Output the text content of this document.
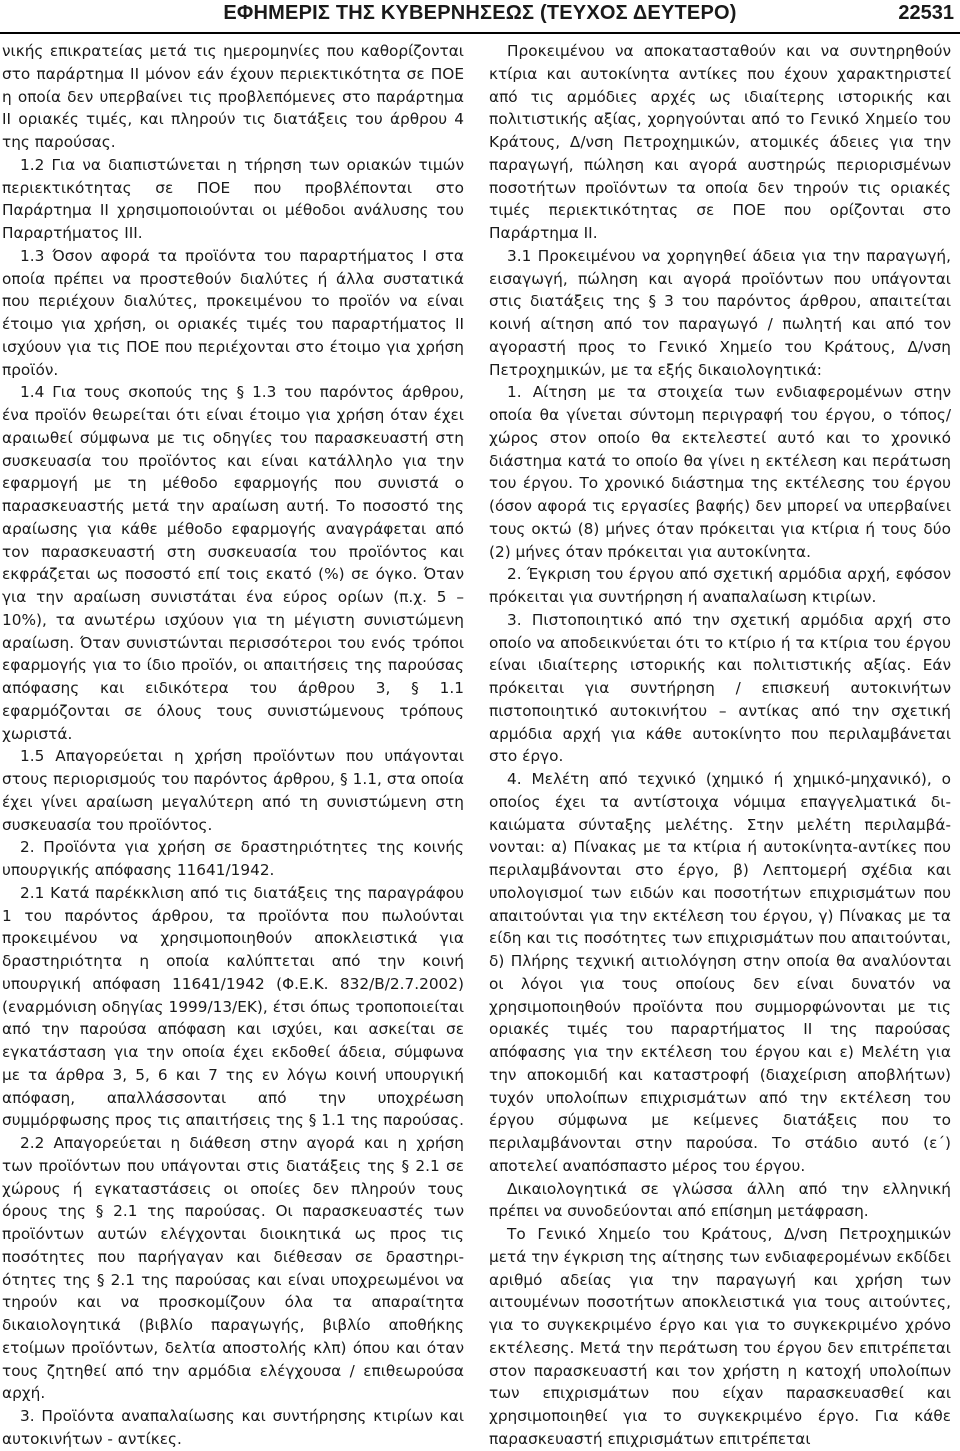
ΕΦΗΜΕΡΙΣ ΤΗΣ ΚΥΒΕΡΝΗΣΕΩΣ (ΤΕΥΧΟΣ ΔΕΥΤΕΡΟ)	22531

νικής επικρατείας μετά τις ημερομηνίες που καθορίζονται στο παράρτημα ΙΙ μόνον εάν έχουν περιεκτικότητα σε ΠΟΕ η οποία δεν υπερβαίνει τις προβλεπόμενες στο παράρτημα ΙΙ οριακές τιμές, και πληρούν τις διατάξεις του άρθρου 4 της παρούσας.

1.2 Για να διαπιστώνεται η τήρηση των οριακών τιμών περιεκτικότητας σε ΠΟΕ που προβλέπονται στο Παράρτημα ΙΙ χρησιμοποιούνται οι μέθοδοι ανάλυσης του Παραρτήματος ΙΙΙ.

1.3 Όσον αφορά τα προϊόντα του παραρτήματος Ι στα οποία πρέπει να προστεθούν διαλύτες ή άλλα συστατικά που περιέχουν διαλύτες, προκειμένου το προϊόν να είναι έτοιμο για χρήση, οι οριακές τιμές του παραρτήματος ΙΙ ισχύουν για τις ΠΟΕ που περιέχονται στο έτοιμο για χρήση προϊόν.

1.4 Για τους σκοπούς της § 1.3 του παρόντος άρθρου, ένα προϊόν θεωρείται ότι είναι έτοιμο για χρήση όταν έχει αραιωθεί σύμφωνα με τις οδηγίες του παρασκευαστή στη συσκευασία του προϊόντος και είναι κατάλληλο για την εφαρμογή με τη μέθοδο εφαρμογής που συνιστά ο παρασκευαστής μετά την αραίωση αυτή. Το ποσοστό της αραίωσης για κάθε μέθοδο εφαρμογής αναγράφεται από τον παρασκευαστή στη συσκευασία του προϊόντος και εκφράζεται ως ποσοστό επί τοις εκατό (%) σε όγκο. Όταν για την αραίωση συνιστάται ένα εύρος ορίων (π.χ. 5 – 10%), τα ανωτέρω ισχύουν για τη μέγιστη συνιστώμενη αραίωση. Όταν συνιστώνται περισσότεροι του ενός τρόποι εφαρμογής για το ίδιο προϊόν, οι απαιτήσεις της παρούσας απόφασης και ειδικότερα του άρθρου 3, § 1.1 εφαρμόζονται σε όλους τους συνιστώμενους τρόπους χωριστά.

1.5 Απαγορεύεται η χρήση προϊόντων που υπάγονται στους περιορισμούς του παρόντος άρθρου, § 1.1, στα οποία έχει γίνει αραίωση μεγαλύτερη από τη συνιστώμενη στη συσκευασία του προϊόντος.

2. Προϊόντα για χρήση σε δραστηριότητες της κοινής υπουργικής απόφασης 11641/1942.

2.1 Κατά παρέκκλιση από τις διατάξεις της παραγράφου 1 του παρόντος άρθρου, τα προϊόντα που πωλούνται προκειμένου να χρησιμοποιηθούν αποκλειστικά για δραστηριότητα η οποία καλύπτεται από την κοινή υπουργική απόφαση 11641/1942 (Φ.Ε.Κ. 832/Β/2.7.2002) (εναρμόνιση οδηγίας 1999/13/ΕΚ), έτσι όπως τροποποιείται από την παρούσα απόφαση και ισχύει, και ασκείται σε εγκατάσταση για την οποία έχει εκδοθεί άδεια, σύμφωνα με τα άρθρα 3, 5, 6 και 7 της εν λόγω κοινή υπουργική απόφαση, απαλλάσσονται από την υποχρέωση συμμόρφωσης προς τις απαιτήσεις της § 1.1 της παρούσας.

2.2 Απαγορεύεται η διάθεση στην αγορά και η χρήση των προϊόντων που υπάγονται στις διατάξεις της § 2.1 σε χώρους ή εγκαταστάσεις οι οποίες δεν πληρούν τους όρους της § 2.1 της παρούσας. Οι παρασκευαστές των προϊόντων αυτών ελέγχονται διοικητικά ως προς τις ποσότητες που παρήγαγαν και διέθεσαν σε δραστηριότητες της § 2.1 της παρούσας και είναι υποχρεωμένοι να τηρούν και να προσκομίζουν όλα τα απαραίτητα δικαιολογητικά (βιβλίο παραγωγής, βιβλίο αποθήκης ετοίμων προϊόντων, δελτία αποστολής κλπ) όπου και όταν τους ζητηθεί από την αρμόδια ελέγχουσα / επιθεωρούσα αρχή.

3. Προϊόντα αναπαλαίωσης και συντήρησης κτιρίων και αυτοκινήτων - αντίκες.

Προκειμένου να αποκατασταθούν και να συντηρηθούν κτίρια και αυτοκίνητα αντίκες που έχουν χαρακτηριστεί από τις αρμόδιες αρχές ως ιδιαίτερης ιστορικής και πολιτιστικής αξίας, χορηγούνται από το Γενικό Χημείο του Κράτους, Δ/νση Πετροχημικών, ατομικές άδειες για την παραγωγή, πώληση και αγορά αυστηρώς περιορισμένων ποσοτήτων προϊόντων τα οποία δεν τηρούν τις οριακές τιμές περιεκτικότητας σε ΠΟΕ που ορίζονται στο Παράρτημα ΙΙ.

3.1 Προκειμένου να χορηγηθεί άδεια για την παραγωγή, εισαγωγή, πώληση και αγορά προϊόντων που υπάγονται στις διατάξεις της § 3 του παρόντος άρθρου, απαιτείται κοινή αίτηση από τον παραγωγό / πωλητή και από τον αγοραστή προς το Γενικό Χημείο του Κράτους, Δ/νση Πετροχημικών, με τα εξής δικαιολογητικά:

1. Αίτηση με τα στοιχεία των ενδιαφερομένων στην οποία θα γίνεται σύντομη περιγραφή του έργου, ο τόπος/χώρος στον οποίο θα εκτελεστεί αυτό και το χρονικό διάστημα κατά το οποίο θα γίνει η εκτέλεση και περάτωση του έργου. Το χρονικό διάστημα της εκτέλεσης του έργου (όσον αφορά τις εργασίες βαφής) δεν μπορεί να υπερβαίνει τους οκτώ (8) μήνες όταν πρόκειται για κτίρια ή τους δύο (2) μήνες όταν πρόκειται για αυτοκίνητα.

2. Έγκριση του έργου από σχετική αρμόδια αρχή, εφόσον πρόκειται για συντήρηση ή αναπαλαίωση κτιρίων.

3. Πιστοποιητικό από την σχετική αρμόδια αρχή στο οποίο να αποδεικνύεται ότι το κτίριο ή τα κτίρια του έργου είναι ιδιαίτερης ιστορικής και πολιτιστικής αξίας. Εάν πρόκειται για συντήρηση / επισκευή αυτοκινήτων πιστοποιητικό αυτοκινήτου – αντίκας από την σχετική αρμόδια αρχή για κάθε αυτοκίνητο που περιλαμβάνεται στο έργο.

4. Μελέτη από τεχνικό (χημικό ή χημικό-μηχανικό), ο οποίος έχει τα αντίστοιχα νόμιμα επαγγελματικά δικαιώματα σύνταξης μελέτης. Στην μελέτη περιλαμβάνονται: α) Πίνακας με τα κτίρια ή αυτοκίνητα-αντίκες που περιλαμβάνονται στο έργο, β) Λεπτομερή σχέδια και υπολογισμοί των ειδών και ποσοτήτων επιχρισμάτων που απαιτούνται για την εκτέλεση του έργου, γ) Πίνακας με τα είδη και τις ποσότητες των επιχρισμάτων που απαιτούνται, δ) Πλήρης τεχνική αιτιολόγηση στην οποία θα αναλύονται οι λόγοι για τους οποίους δεν είναι δυνατόν να χρησιμοποιηθούν προϊόντα που συμμορφώνονται με τις οριακές τιμές του παραρτήματος ΙΙ της παρούσας απόφασης για την εκτέλεση του έργου και ε) Μελέτη για την αποκομιδή και καταστροφή (διαχείριση αποβλήτων) τυχόν υπολοίπων επιχρισμάτων από την εκτέλεση του έργου σύμφωνα με κείμενες διατάξεις που το περιλαμβάνονται στην παρούσα. Το στάδιο αυτό (ε΄) αποτελεί αναπόσπαστο μέρος του έργου.

Δικαιολογητικά σε γλώσσα άλλη από την ελληνική πρέπει να συνοδεύονται από επίσημη μετάφραση.

Το Γενικό Χημείο του Κράτους, Δ/νση Πετροχημικών μετά την έγκριση της αίτησης των ενδιαφερομένων εκδίδει αριθμό αδείας για την παραγωγή και χρήση των αιτουμένων ποσοτήτων αποκλειστικά για τους αιτούντες, για το συγκεκριμένο έργο και για το συγκεκριμένο χρόνο εκτέλεσης. Μετά την περάτωση του έργου δεν επιτρέπεται στον παρασκευαστή και τον χρήστη η κατοχή υπολοίπων των επιχρισμάτων που είχαν παρασκευασθεί και χρησιμοποιηθεί για το συγκεκριμένο έργο. Για κάθε παρασκευαστή επιχρισμάτων επιτρέπεται
